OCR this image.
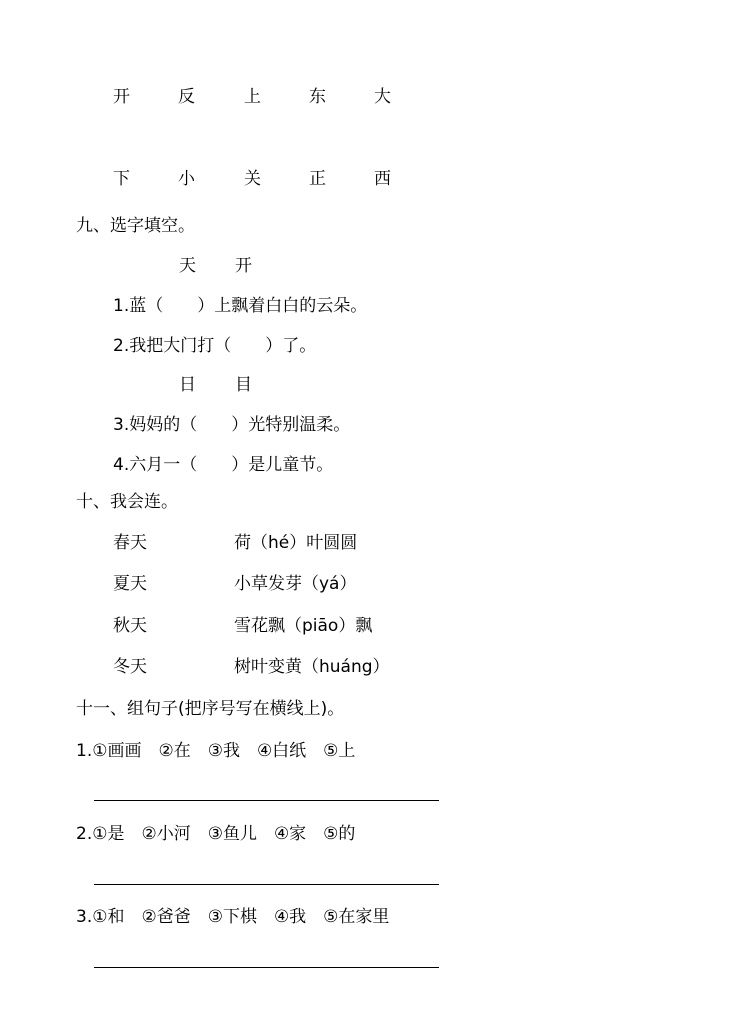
开	反	上	东	大
下	小	关	正	西
九、选字填空。
天 开
1.蓝（　　）上飘着白白的云朵。
2.我把大门打（　　）了。
日 目
3.妈妈的（　　）光特别温柔。
4.六月一（　　）是儿童节。
十、我会连。
春天	荷（hé）叶圆圆
夏天	小草发芽（yá）
秋天	雪花飘（piāo）飘
冬天	树叶变黄（huáng）
十一、组句子(把序号写在横线上)。
1.①画画　②在　③我　④白纸　⑤上
2.①是　②小河　③鱼儿　④家　⑤的
3.①和　②爸爸　③下棋　④我　⑤在家里
